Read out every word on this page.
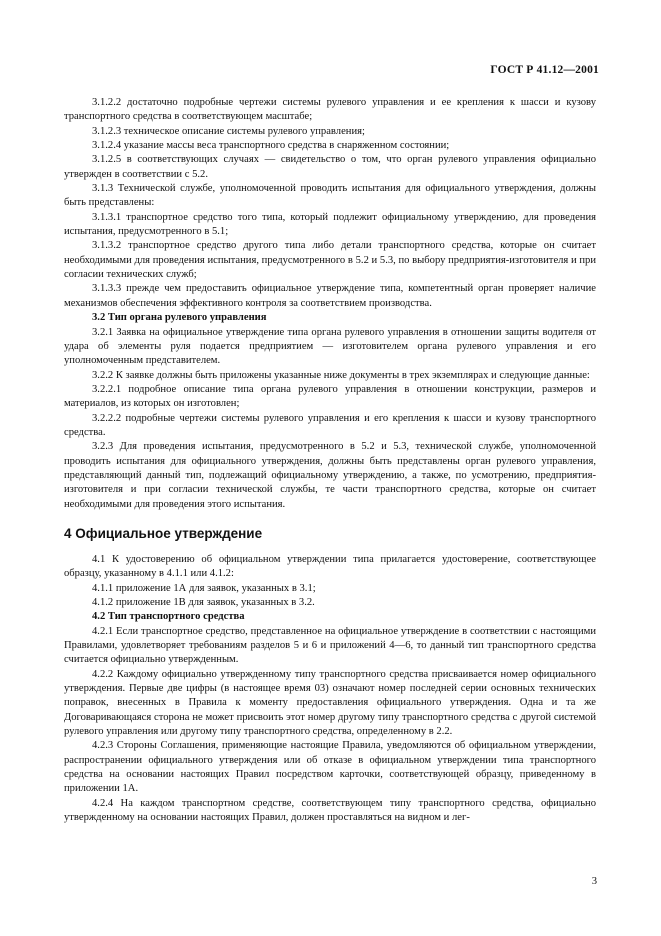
ГОСТ Р 41.12—2001

3.1.2.2 достаточно подробные чертежи системы рулевого управления и ее крепления к шасси и кузову транспортного средства в соответствующем масштабе;

3.1.2.3 техническое описание системы рулевого управления;

3.1.2.4 указание массы веса транспортного средства в снаряженном состоянии;

3.1.2.5 в соответствующих случаях — свидетельство о том, что орган рулевого управления официально утвержден в соответствии с 5.2.

3.1.3 Технической службе, уполномоченной проводить испытания для официального утверждения, должны быть представлены:

3.1.3.1 транспортное средство того типа, который подлежит официальному утверждению, для проведения испытания, предусмотренного в 5.1;

3.1.3.2 транспортное средство другого типа либо детали транспортного средства, которые он считает необходимыми для проведения испытания, предусмотренного в 5.2 и 5.3, по выбору предприятия-изготовителя и при согласии технических служб;

3.1.3.3 прежде чем предоставить официальное утверждение типа, компетентный орган проверяет наличие механизмов обеспечения эффективного контроля за соответствием производства.

3.2 Тип органа рулевого управления

3.2.1 Заявка на официальное утверждение типа органа рулевого управления в отношении защиты водителя от удара об элементы руля подается предприятием — изготовителем органа рулевого управления и его уполномоченным представителем.

3.2.2 К заявке должны быть приложены указанные ниже документы в трех экземплярах и следующие данные:

3.2.2.1 подробное описание типа органа рулевого управления в отношении конструкции, размеров и материалов, из которых он изготовлен;

3.2.2.2 подробные чертежи системы рулевого управления и его крепления к шасси и кузову транспортного средства.

3.2.3 Для проведения испытания, предусмотренного в 5.2 и 5.3, технической службе, уполномоченной проводить испытания для официального утверждения, должны быть представлены орган рулевого управления, представляющий данный тип, подлежащий официальному утверждению, а также, по усмотрению, предприятия-изготовителя и при согласии технической службы, те части транспортного средства, которые он считает необходимыми для проведения этого испытания.

4 Официальное утверждение

4.1 К удостоверению об официальном утверждении типа прилагается удостоверение, соответствующее образцу, указанному в 4.1.1 или 4.1.2:

4.1.1 приложение 1А для заявок, указанных в 3.1;

4.1.2 приложение 1В для заявок, указанных в 3.2.

4.2 Тип транспортного средства

4.2.1 Если транспортное средство, представленное на официальное утверждение в соответствии с настоящими Правилами, удовлетворяет требованиям разделов 5 и 6 и приложений 4—6, то данный тип транспортного средства считается официально утвержденным.

4.2.2 Каждому официально утвержденному типу транспортного средства присваивается номер официального утверждения. Первые две цифры (в настоящее время 03) означают номер последней серии основных технических поправок, внесенных в Правила к моменту предоставления официального утверждения. Одна и та же Договаривающаяся сторона не может присвоить этот номер другому типу транспортного средства с другой системой рулевого управления или другому типу транспортного средства, определенному в 2.2.

4.2.3 Стороны Соглашения, применяющие настоящие Правила, уведомляются об официальном утверждении, распространении официального утверждения или об отказе в официальном утверждении типа транспортного средства на основании настоящих Правил посредством карточки, соответствующей образцу, приведенному в приложении 1А.

4.2.4 На каждом транспортном средстве, соответствующем типу транспортного средства, официально утвержденному на основании настоящих Правил, должен проставляться на видном и лег-

3
